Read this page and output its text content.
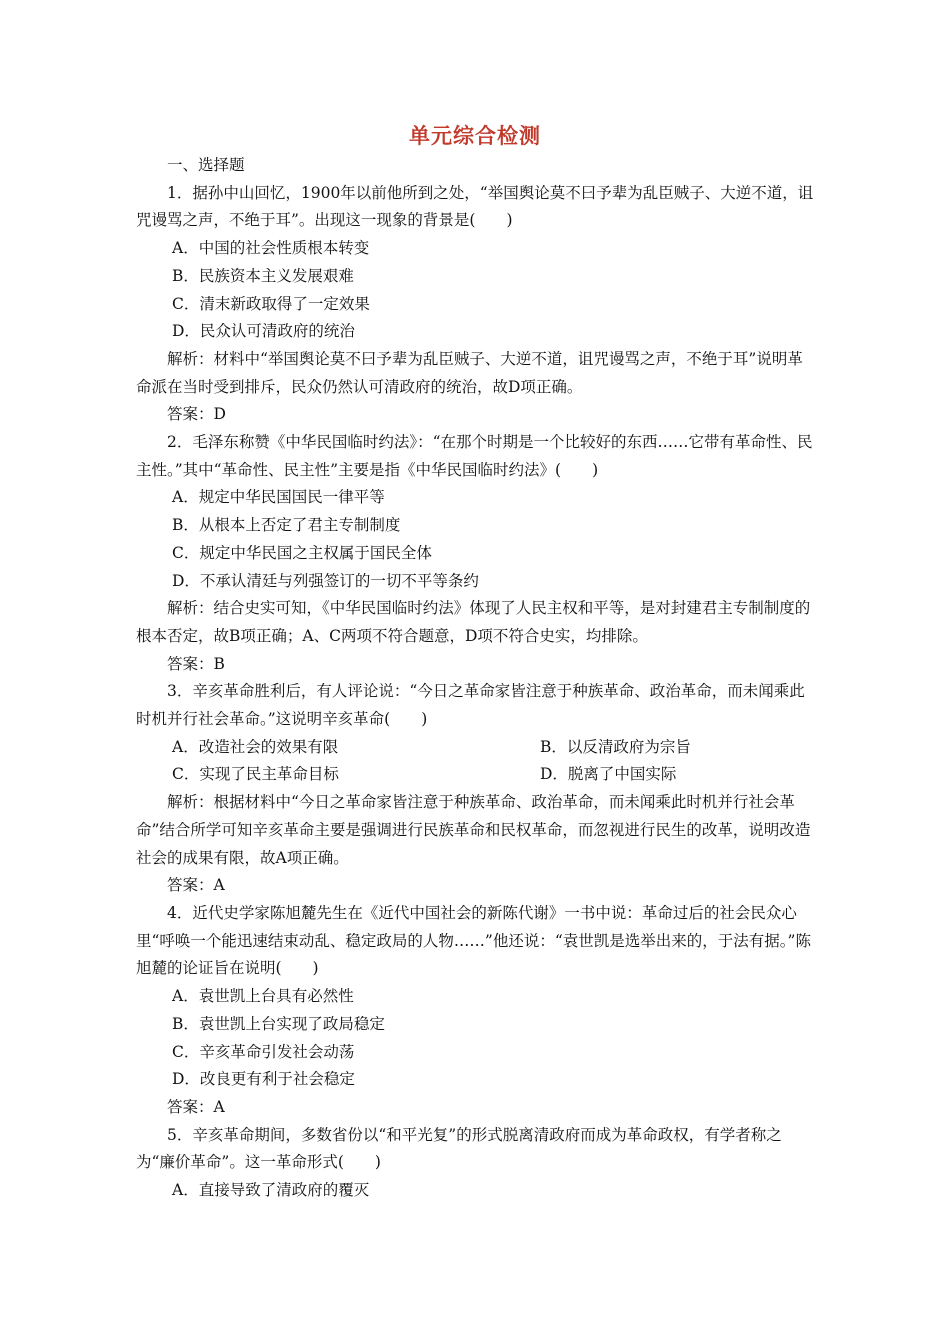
单元综合检测

一、选择题

1．据孙中山回忆，1900年以前他所到之处，“举国舆论莫不曰予辈为乱臣贼子、大逆不道，诅咒谩骂之声，不绝于耳”。出现这一现象的背景是(　　)

A．中国的社会性质根本转变

B．民族资本主义发展艰难

C．清末新政取得了一定效果

D．民众认可清政府的统治

解析：材料中“举国舆论莫不曰予辈为乱臣贼子、大逆不道，诅咒谩骂之声，不绝于耳”说明革命派在当时受到排斥，民众仍然认可清政府的统治，故D项正确。

答案：D

2．毛泽东称赞《中华民国临时约法》：“在那个时期是一个比较好的东西……它带有革命性、民主性。”其中“革命性、民主性”主要是指《中华民国临时约法》(　　)

A．规定中华民国国民一律平等

B．从根本上否定了君主专制制度

C．规定中华民国之主权属于国民全体

D．不承认清廷与列强签订的一切不平等条约

解析：结合史实可知，《中华民国临时约法》体现了人民主权和平等，是对封建君主专制制度的根本否定，故B项正确；A、C两项不符合题意，D项不符合史实，均排除。

答案：B

3．辛亥革命胜利后，有人评论说：“今日之革命家皆注意于种族革命、政治革命，而未闻乘此时机并行社会革命。”这说明辛亥革命(　　)

A．改造社会的效果有限	B．以反清政府为宗旨
C．实现了民主革命目标	D．脱离了中国实际

解析：根据材料中“今日之革命家皆注意于种族革命、政治革命，而未闻乘此时机并行社会革命”结合所学可知辛亥革命主要是强调进行民族革命和民权革命，而忽视进行民生的改革，说明改造社会的成果有限，故A项正确。

答案：A

4．近代史学家陈旭麓先生在《近代中国社会的新陈代谢》一书中说：革命过后的社会民众心里“呼唤一个能迅速结束动乱、稳定政局的人物……”他还说：“袁世凯是选举出来的，于法有据。”陈旭麓的论证旨在说明(　　)

A．袁世凯上台具有必然性

B．袁世凯上台实现了政局稳定

C．辛亥革命引发社会动荡

D．改良更有利于社会稳定

答案：A

5．辛亥革命期间，多数省份以“和平光复”的形式脱离清政府而成为革命政权，有学者称之为“廉价革命”。这一革命形式(　　)

A．直接导致了清政府的覆灭
